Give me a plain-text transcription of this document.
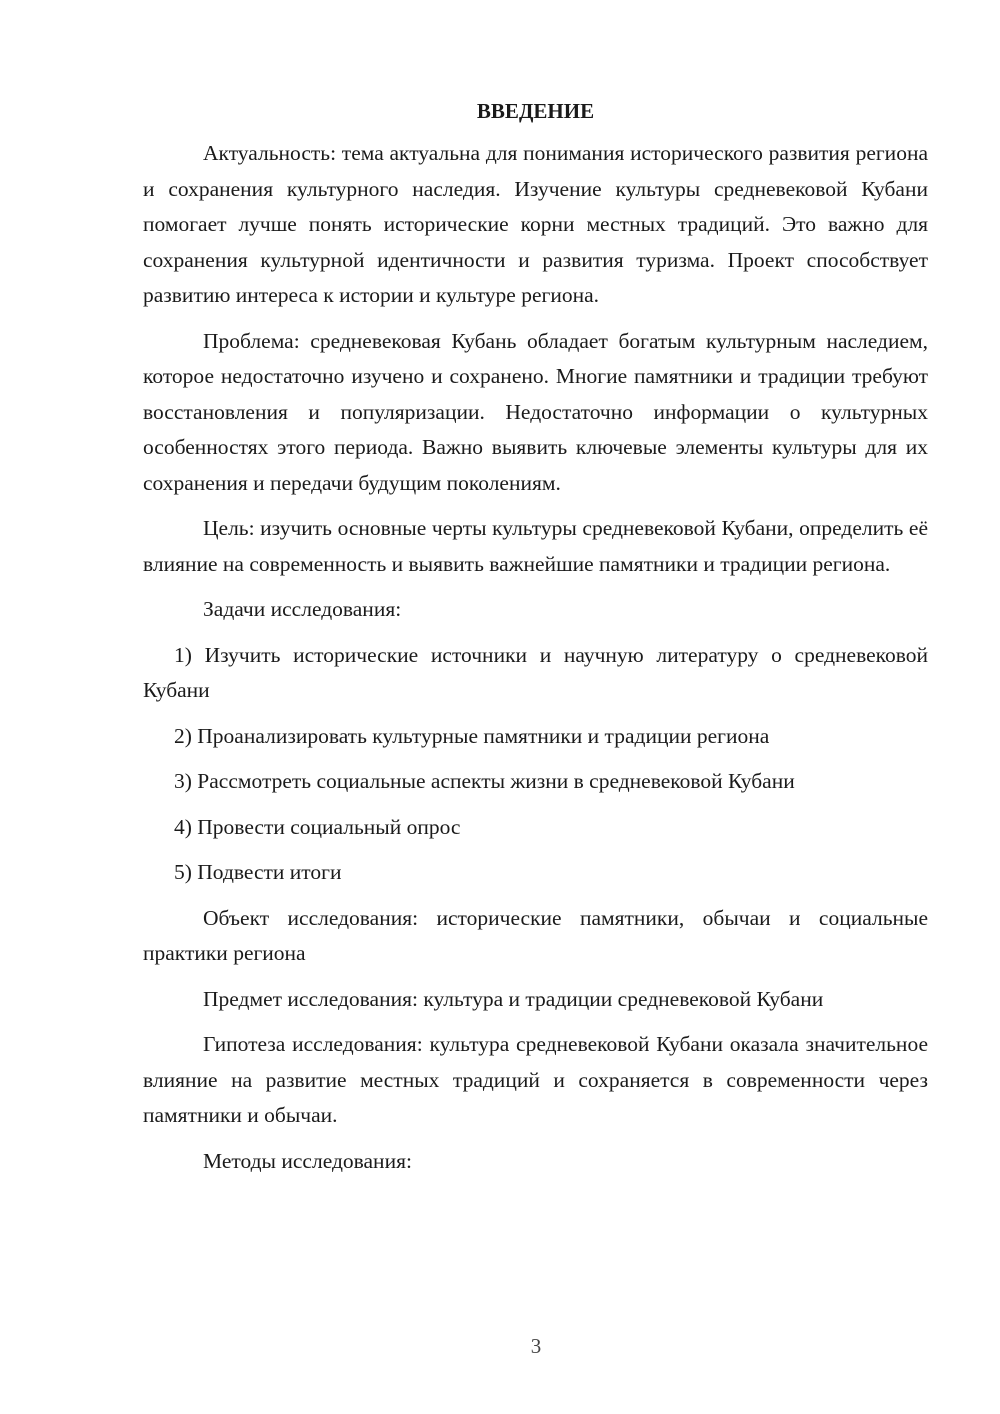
ВВЕДЕНИЕ

Актуальность: тема актуальна для понимания исторического развития региона и сохранения культурного наследия. Изучение культуры средневековой Кубани помогает лучше понять исторические корни местных традиций. Это важно для сохранения культурной идентичности и развития туризма. Проект способствует развитию интереса к истории и культуре региона.

Проблема: средневековая Кубань обладает богатым культурным наследием, которое недостаточно изучено и сохранено. Многие памятники и традиции требуют восстановления и популяризации. Недостаточно информации о культурных особенностях этого периода. Важно выявить ключевые элементы культуры для их сохранения и передачи будущим поколениям.

Цель: изучить основные черты культуры средневековой Кубани, определить её влияние на современность и выявить важнейшие памятники и традиции региона.

Задачи исследования:

1) Изучить исторические источники и научную литературу о средневековой Кубани

2) Проанализировать культурные памятники и традиции региона

3) Рассмотреть социальные аспекты жизни в средневековой Кубани

4) Провести социальный опрос

5) Подвести итоги

Объект исследования: исторические памятники, обычаи и социальные практики региона

Предмет исследования: культура и традиции средневековой Кубани

Гипотеза исследования: культура средневековой Кубани оказала значительное влияние на развитие местных традиций и сохраняется в современности через памятники и обычаи.

Методы исследования:

3
